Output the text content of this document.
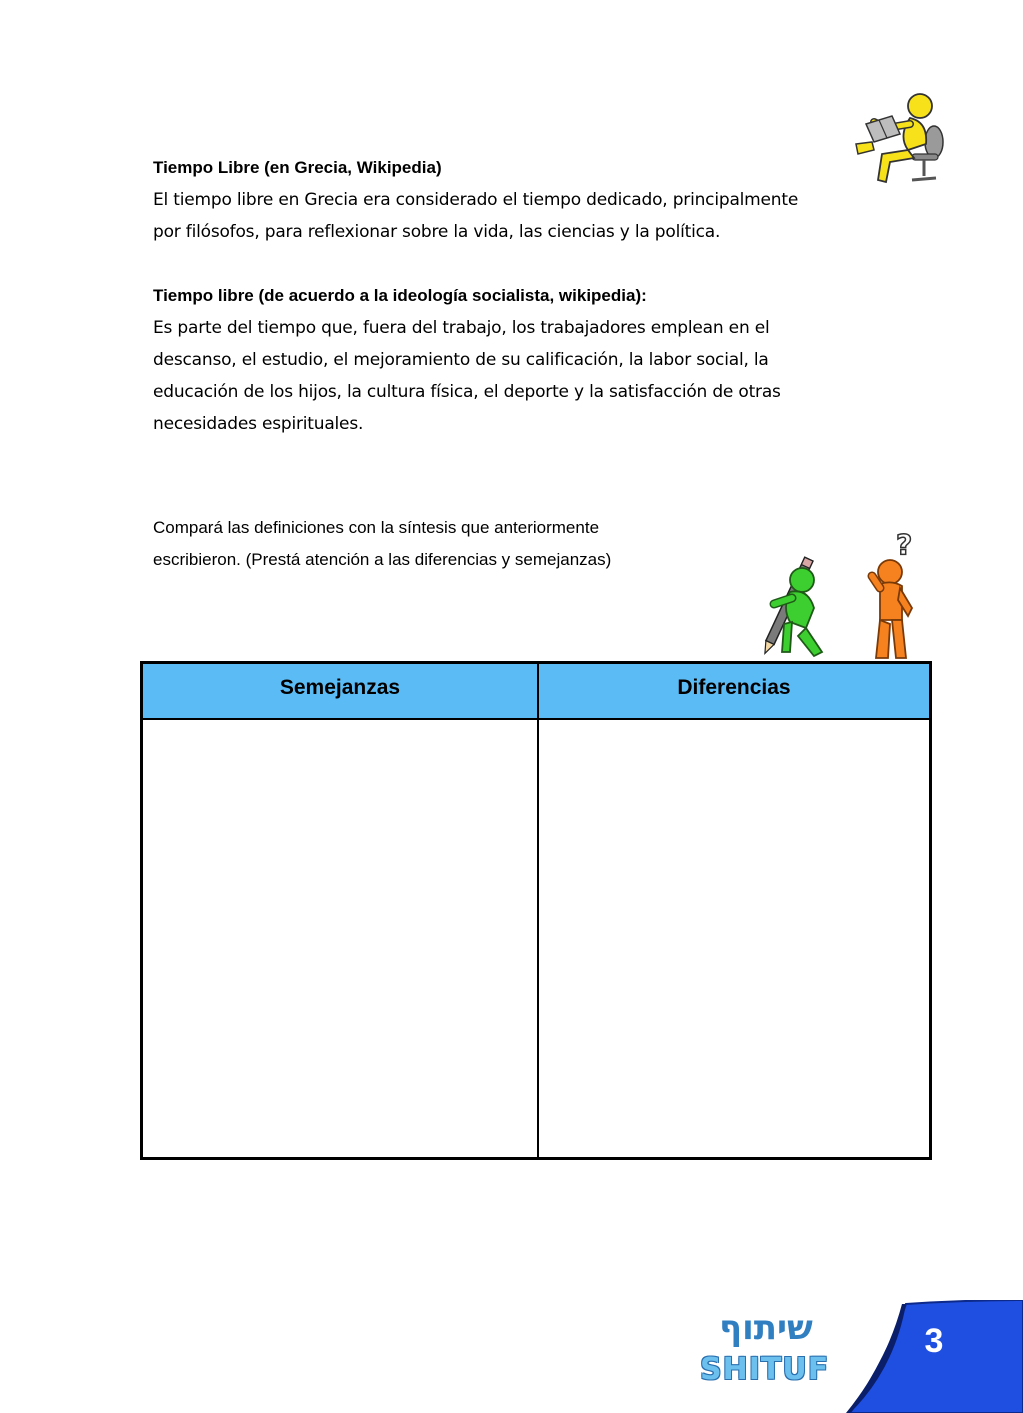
Tiempo Libre (en Grecia, Wikipedia)
El tiempo libre en Grecia era considerado el tiempo dedicado, principalmente
por filósofos, para reflexionar sobre la vida, las ciencias y la política.
Tiempo libre (de acuerdo a la ideología socialista, wikipedia):
Es parte del tiempo que, fuera del trabajo, los trabajadores emplean en el
descanso, el estudio, el mejoramiento de su calificación, la labor social, la
educación de los hijos, la cultura física, el deporte y la satisfacción de otras
necesidades espirituales.
Compará las definiciones con la síntesis que anteriormente
escribieron. (Prestá atención a las diferencias y semejanzas)	?
Semejanzas	Diferencias
שיתוף
SHITUF
3
